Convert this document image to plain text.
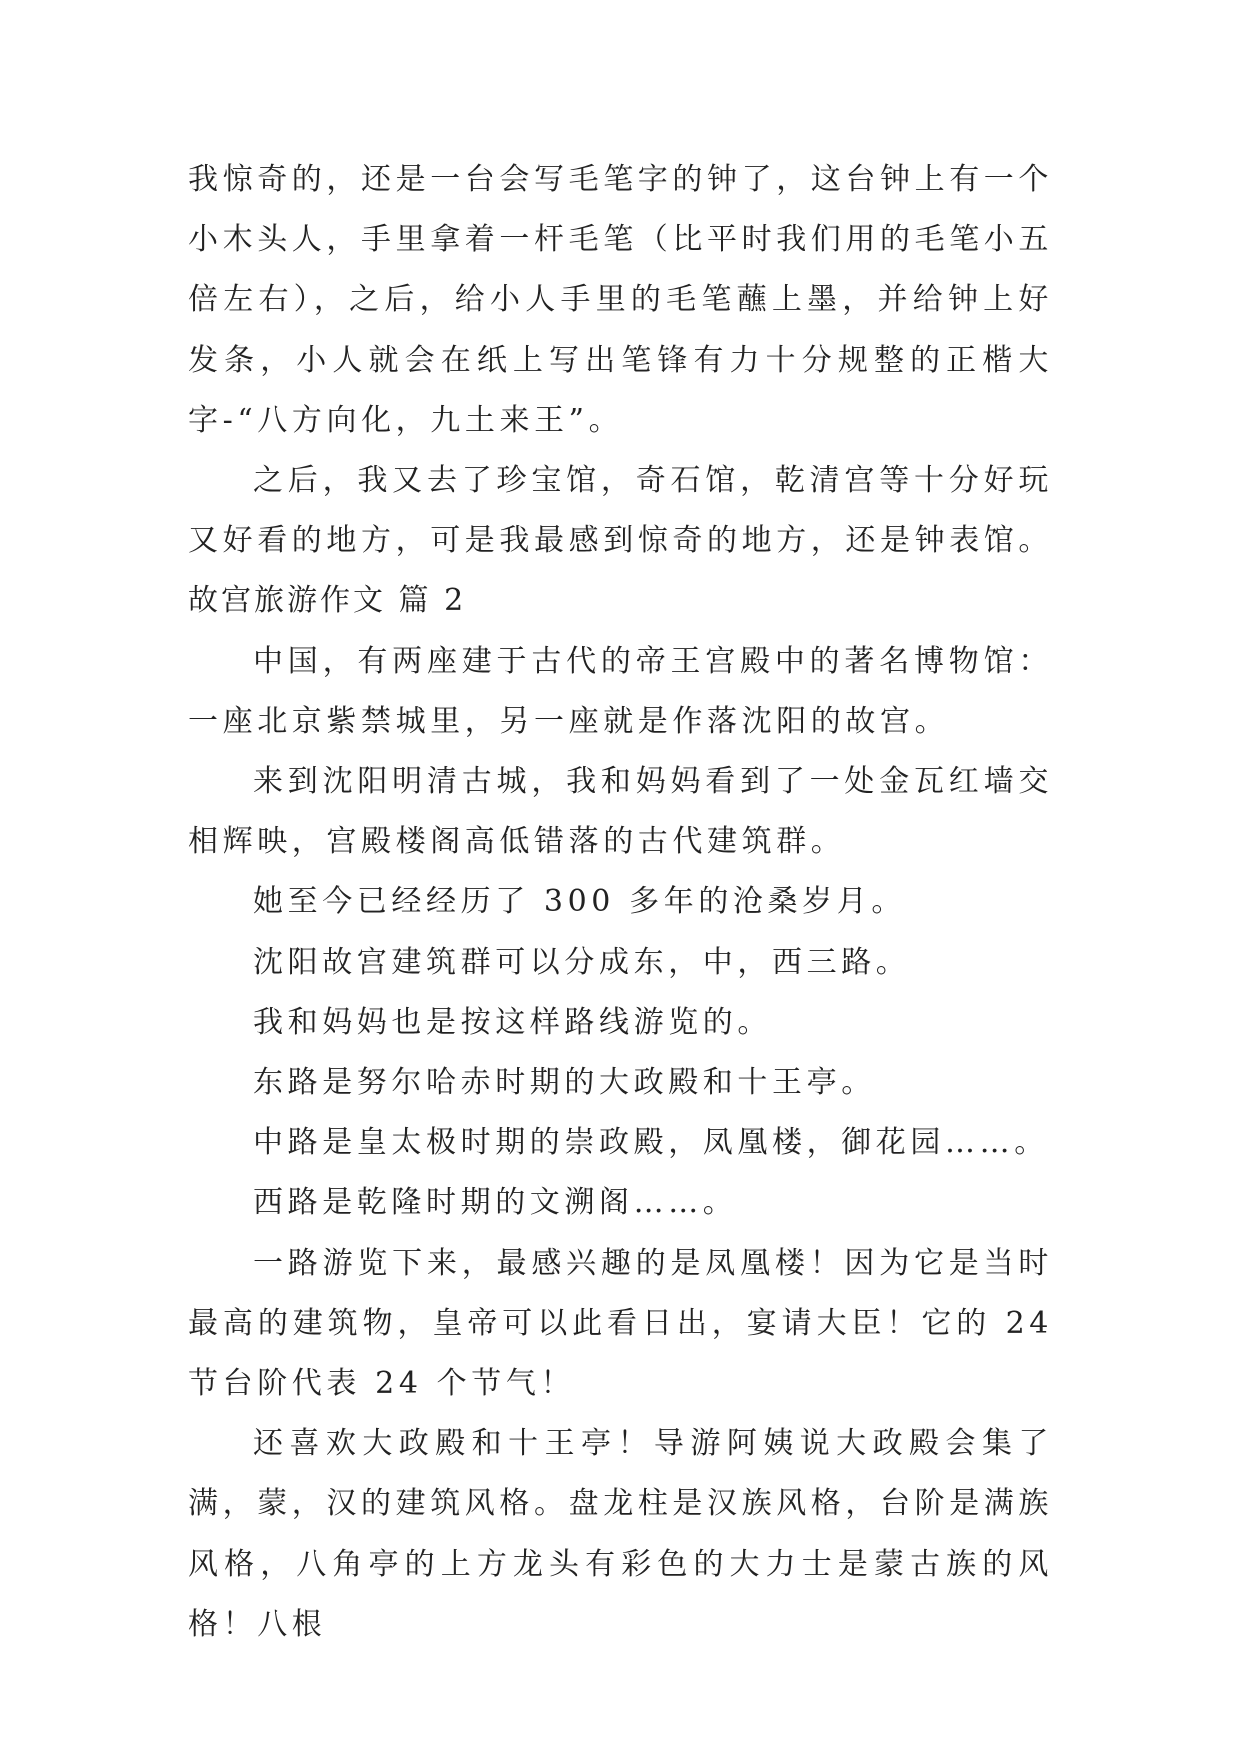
我惊奇的，还是一台会写毛笔字的钟了，这台钟上有一个小木头人，手里拿着一杆毛笔（比平时我们用的毛笔小五倍左右），之后，给小人手里的毛笔蘸上墨，并给钟上好发条，小人就会在纸上写出笔锋有力十分规整的正楷大字-“八方向化，九土来王”。

之后，我又去了珍宝馆，奇石馆，乾清宫等十分好玩又好看的地方，可是我最感到惊奇的地方，还是钟表馆。

故宫旅游作文 篇 2

中国，有两座建于古代的帝王宫殿中的著名博物馆：一座北京紫禁城里，另一座就是作落沈阳的故宫。

来到沈阳明清古城，我和妈妈看到了一处金瓦红墙交相辉映，宫殿楼阁高低错落的古代建筑群。

她至今已经经历了 300 多年的沧桑岁月。

沈阳故宫建筑群可以分成东，中，西三路。

我和妈妈也是按这样路线游览的。

东路是努尔哈赤时期的大政殿和十王亭。

中路是皇太极时期的崇政殿，凤凰楼，御花园……。

西路是乾隆时期的文溯阁……。

一路游览下来，最感兴趣的是凤凰楼！因为它是当时最高的建筑物，皇帝可以此看日出，宴请大臣！它的 24 节台阶代表 24 个节气！

还喜欢大政殿和十王亭！导游阿姨说大政殿会集了满，蒙，汉的建筑风格。盘龙柱是汉族风格，台阶是满族风格，八角亭的上方龙头有彩色的大力士是蒙古族的风格！八根
